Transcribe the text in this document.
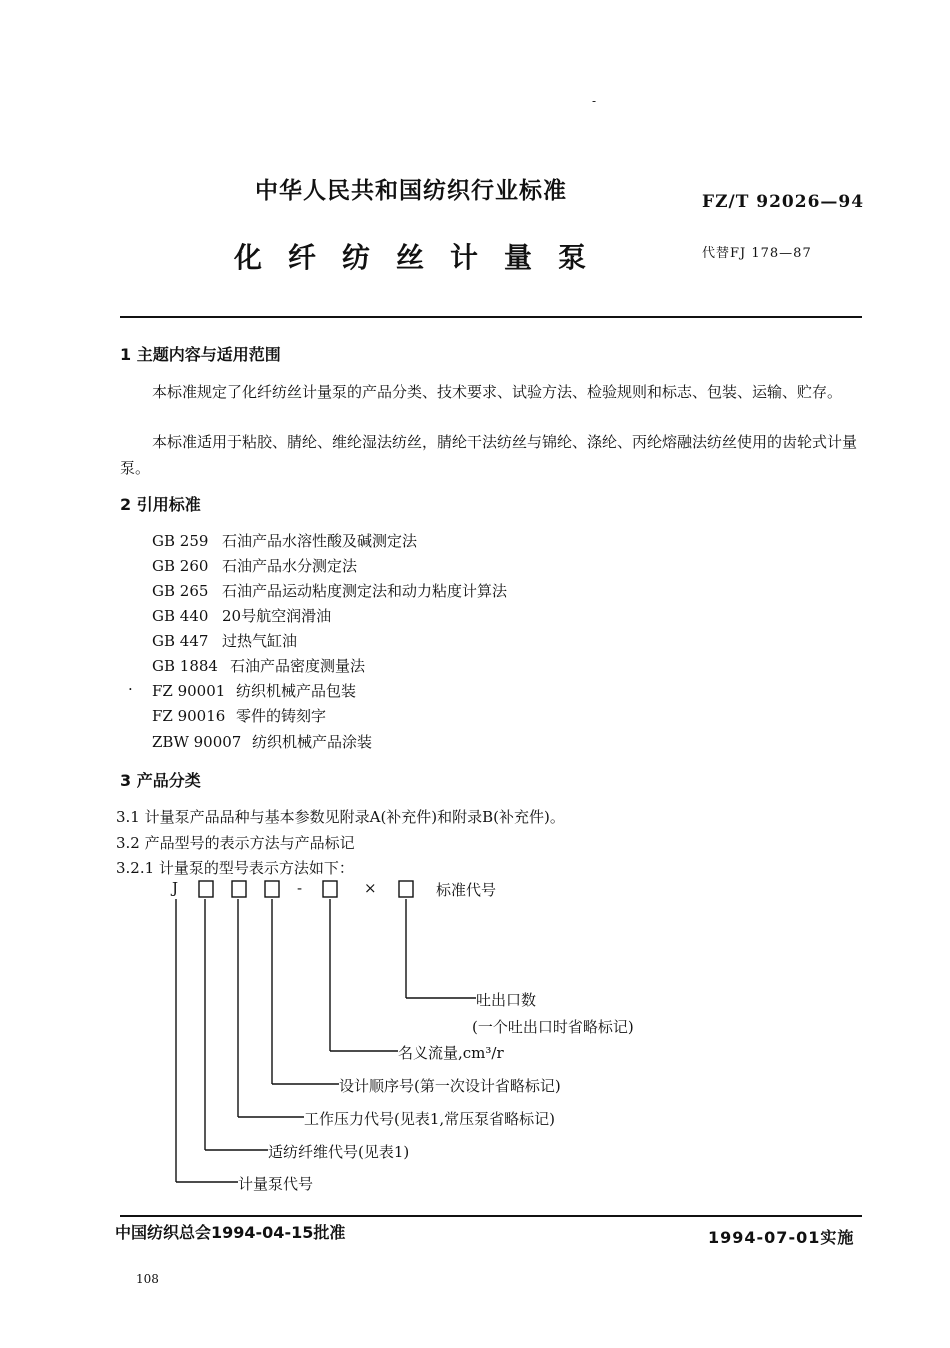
-
中华人民共和国纺织行业标准	FZ/T 92026—94
化纤纺丝计量泵	代替FJ 178—87
1 主题内容与适用范围
本标准规定了化纤纺丝计量泵的产品分类、技术要求、试验方法、检验规则和标志、包装、运输、贮存。
本标准适用于粘胶、腈纶、维纶湿法纺丝，腈纶干法纺丝与锦纶、涤纶、丙纶熔融法纺丝使用的齿轮式计量泵。
2 引用标准
GB 259 石油产品水溶性酸及碱测定法
GB 260 石油产品水分测定法
GB 265 石油产品运动粘度测定法和动力粘度计算法
GB 440 20号航空润滑油
GB 447 过热气缸油
GB 1884 石油产品密度测量法
· FZ 90001 纺织机械产品包装
FZ 90016 零件的铸刻字
ZBW 90007 纺织机械产品涂装
3 产品分类
3.1 计量泵产品品种与基本参数见附录A(补充件)和附录B(补充件)。
3.2 产品型号的表示方法与产品标记
3.2.1 计量泵的型号表示方法如下：
J	-	×	标准代号
吐出口数
(一个吐出口时省略标记)
名义流量,cm³/r
设计顺序号(第一次设计省略标记)
工作压力代号(见表1,常压泵省略标记)
适纺纤维代号(见表1)
计量泵代号
中国纺织总会1994-04-15批准	1994-07-01实施
108
